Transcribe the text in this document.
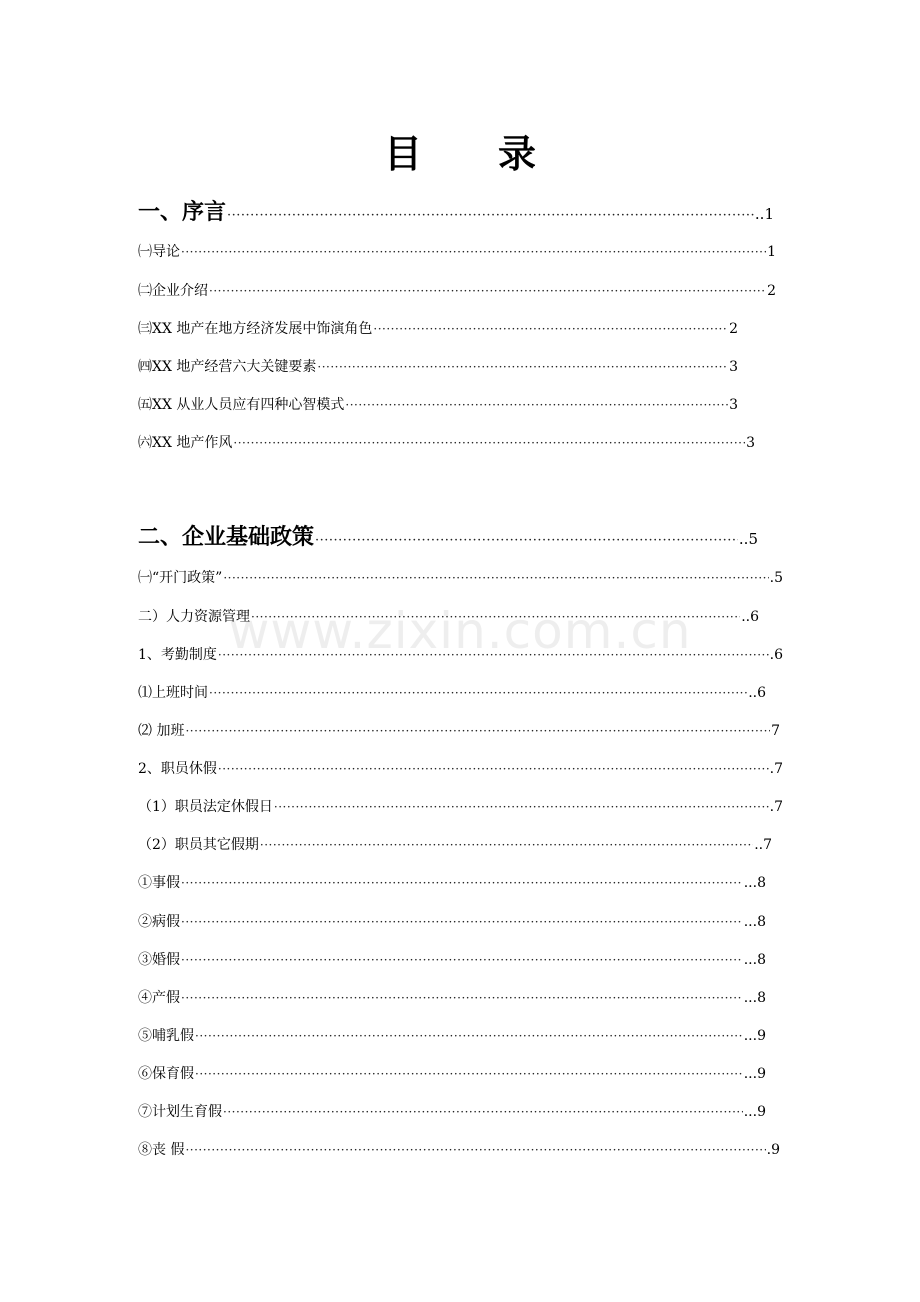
目录
www.zixin.com.cn
一、序言 ·····	..1
㈠导论 ·····	1
㈡企业介绍 ·····	2
㈢XX 地产在地方经济发展中饰演角色 ·····	2
㈣XX 地产经营六大关键要素 ·····	3
㈤XX 从业人员应有四种心智模式 ·····	3
㈥XX 地产作风 ·····	3
二、企业基础政策 ·····	..5
㈠“开门政策” ·····	.5
二）人力资源管理 ·····	..6
1、考勤制度 ·····	.6
⑴上班时间 ·····	..6
⑵ 加班 ·····	7
2、职员休假 ·····	.7
（1）职员法定休假日 ·····	.7
（2）职员其它假期 ·····	..7
①事假 ·····	...8
②病假 ·····	...8
③婚假 ·····	...8
④产假 ·····	...8
⑤哺乳假 ·····	...9
⑥保育假 ·····	...9
⑦计划生育假 ·····	...9
⑧丧 假 ·····	.9
